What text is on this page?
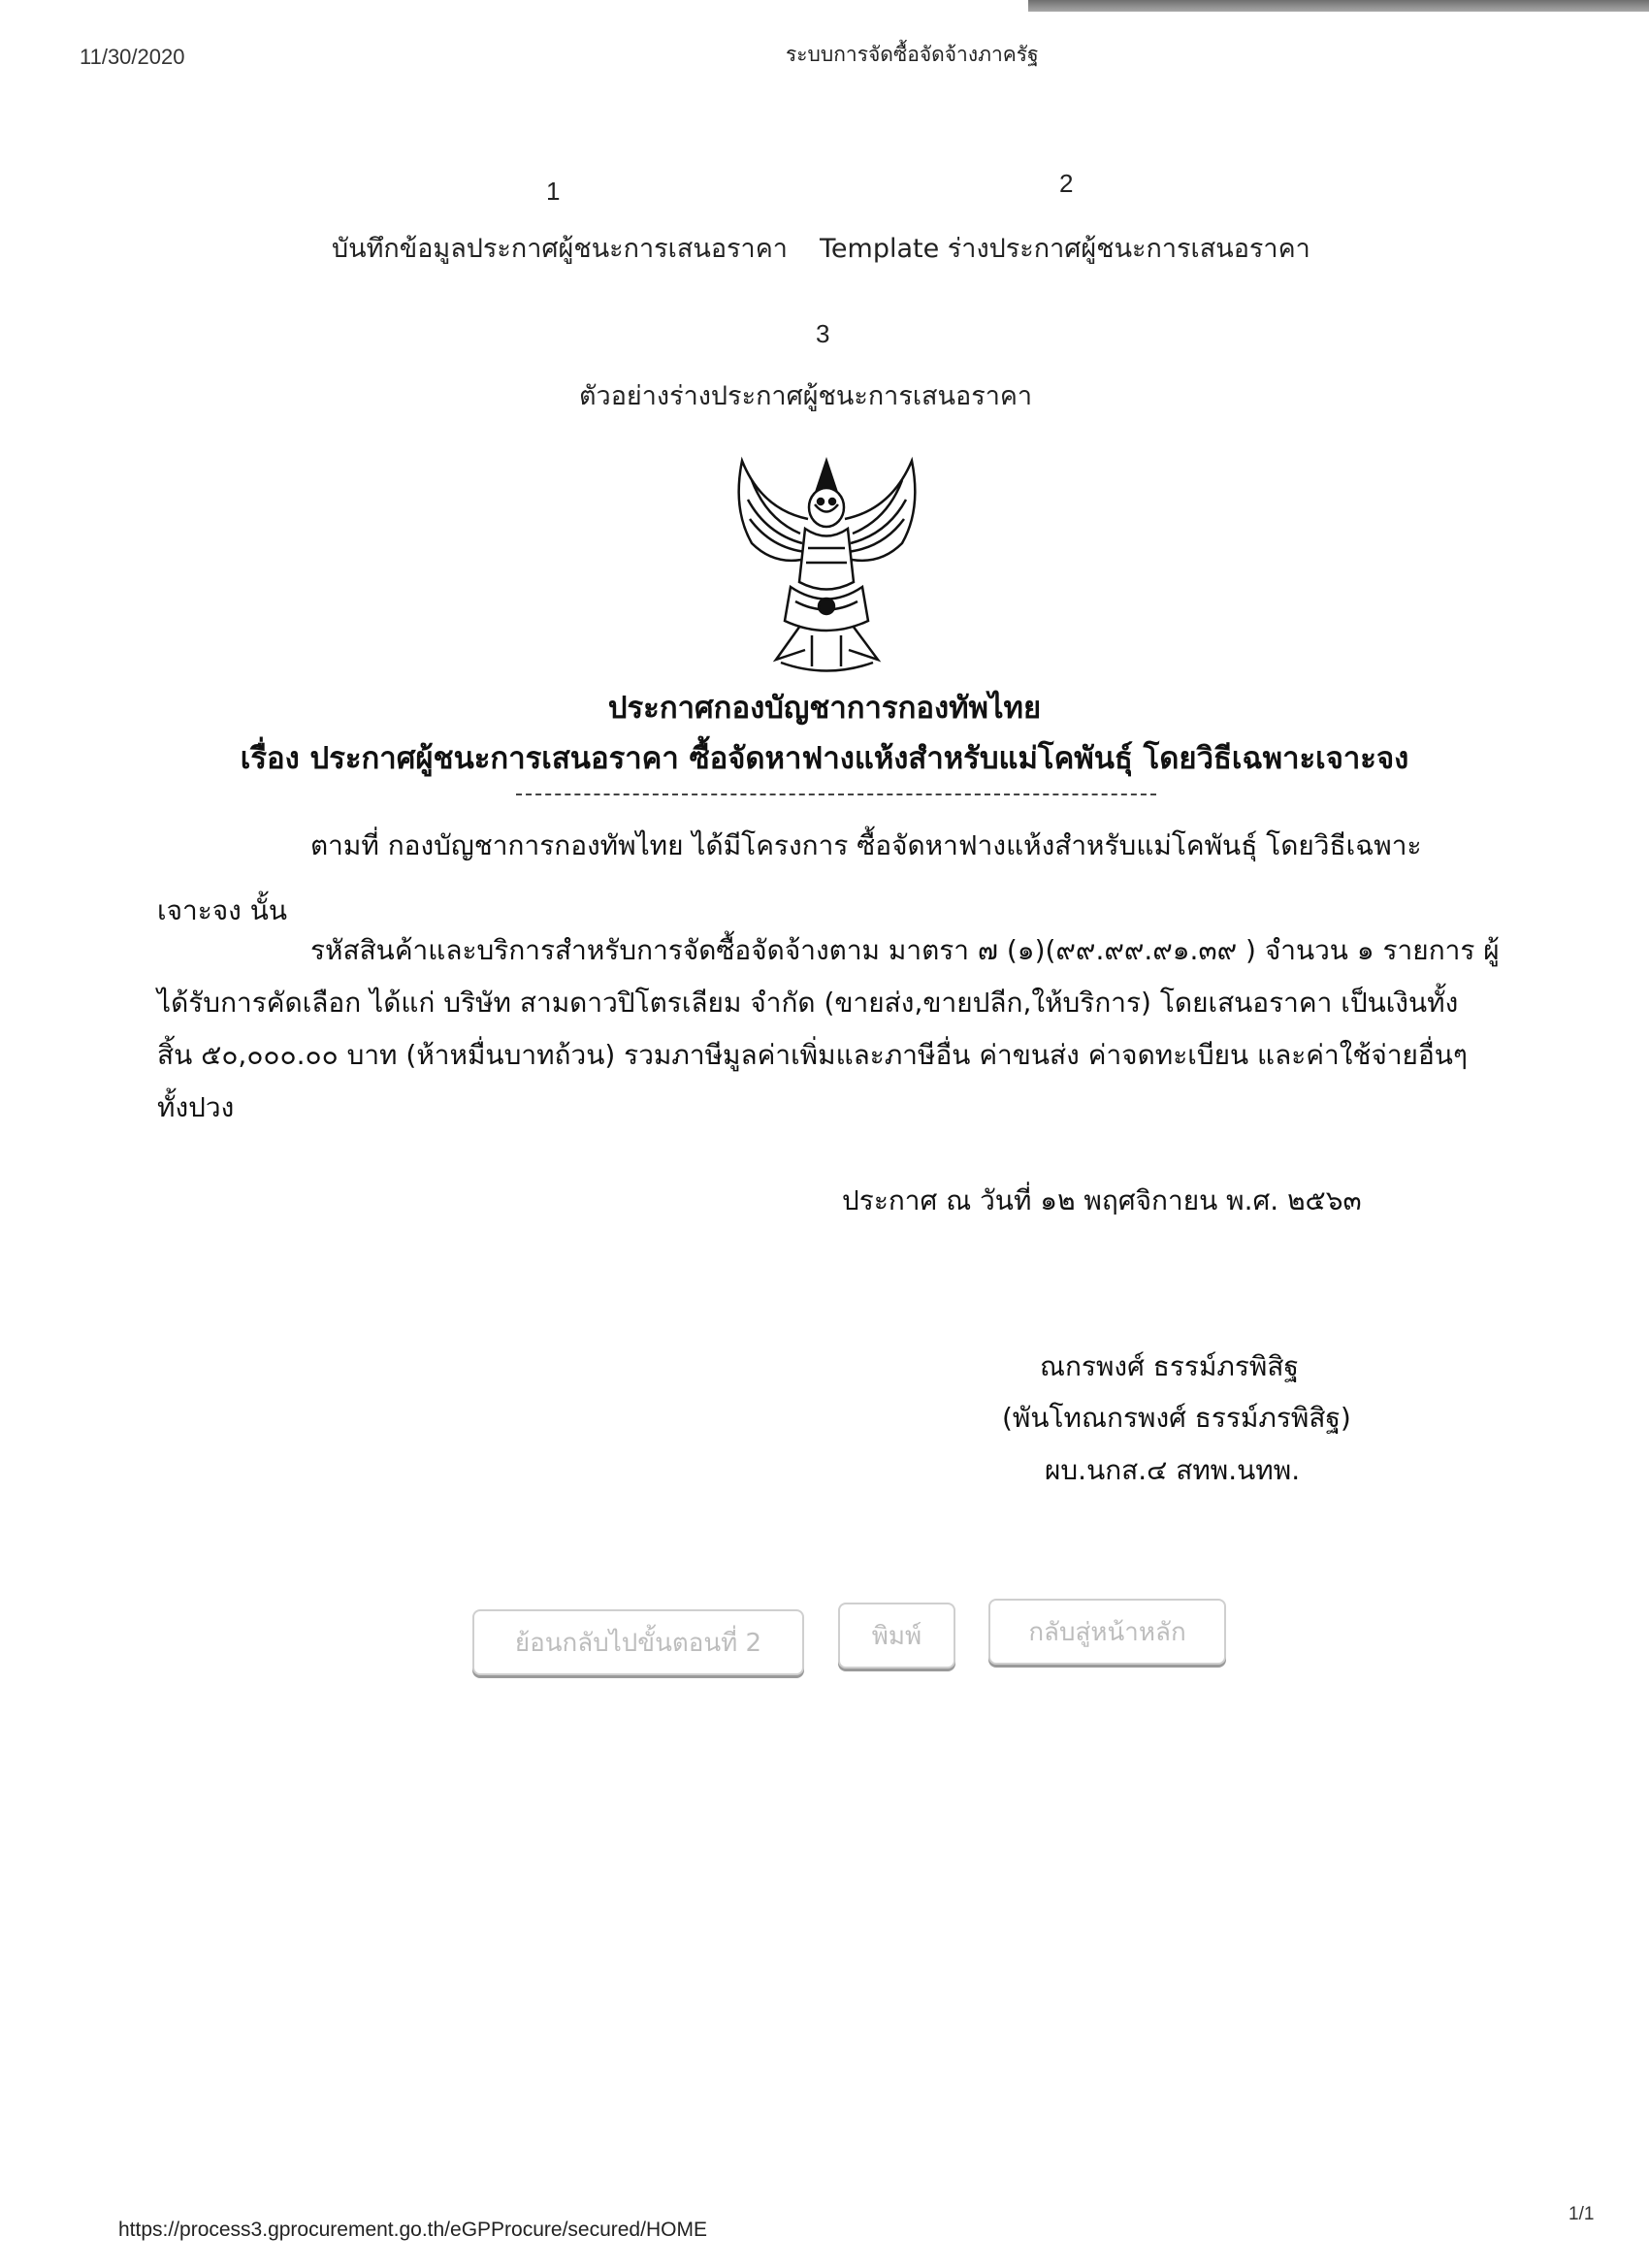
11/30/2020	ระบบการจัดซื้อจัดจ้างภาครัฐ
1
บันทึกข้อมูลประกาศผู้ชนะการเสนอราคา
2
Template ร่างประกาศผู้ชนะการเสนอราคา
3
ตัวอย่างร่างประกาศผู้ชนะการเสนอราคา
ประกาศกองบัญชาการกองทัพไทย
เรื่อง ประกาศผู้ชนะการเสนอราคา ซื้อจัดหาฟางแห้งสำหรับแม่โคพันธุ์ โดยวิธีเฉพาะเจาะจง
ตามที่ กองบัญชาการกองทัพไทย ได้มีโครงการ ซื้อจัดหาฟางแห้งสำหรับแม่โคพันธุ์ โดยวิธีเฉพาะ
เจาะจง นั้น
รหัสสินค้าและบริการสำหรับการจัดซื้อจัดจ้างตาม มาตรา ๗ (๑)(๙๙.๙๙.๙๑.๓๙ ) จำนวน ๑ รายการ ผู้
ได้รับการคัดเลือก ได้แก่ บริษัท สามดาวปิโตรเลียม จำกัด (ขายส่ง,ขายปลีก,ให้บริการ) โดยเสนอราคา เป็นเงินทั้ง
สิ้น ๕๐,๐๐๐.๐๐ บาท (ห้าหมื่นบาทถ้วน) รวมภาษีมูลค่าเพิ่มและภาษีอื่น ค่าขนส่ง ค่าจดทะเบียน และค่าใช้จ่ายอื่นๆ
ทั้งปวง
ประกาศ ณ วันที่ ๑๒ พฤศจิกายน พ.ศ. ๒๕๖๓
ณกรพงศ์ ธรรม์ภรพิสิฐ
(พันโทณกรพงศ์ ธรรม์ภรพิสิฐ)
ผบ.นกส.๔ สทพ.นทพ.
ย้อนกลับไปขั้นตอนที่ 2	พิมพ์	กลับสู่หน้าหลัก
https://process3.gprocurement.go.th/eGPProcure/secured/HOME
1/1
